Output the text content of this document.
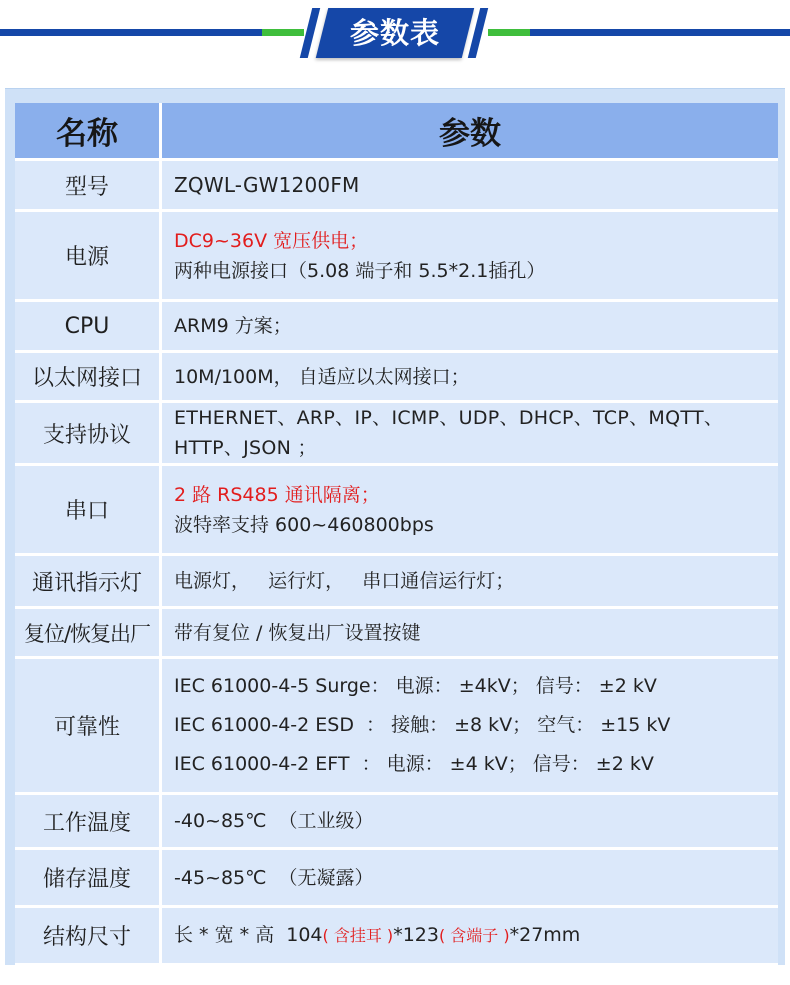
参数表
名称	参数
型号	ZQWL-GW1200FM
电源	DC9~36V 宽压供电；
两种电源接口（5.08 端子和 5.5*2.1插孔）

CPU	ARM9 方案；
以太网接口	10M/100M， 自适应以太网接口；
支持协议	ETHERNET、ARP、IP、ICMP、UDP、DHCP、TCP、MQTT、HTTP、JSON ；
串口	2 路 RS485 通讯隔离；
波特率支持 600~460800bps

通讯指示灯	电源灯，   运行灯，   串口通信运行灯；
复位/恢复出厂	带有复位 / 恢复出厂设置按键
可靠性	IEC 61000-4-5 Surge： 电源： ±4kV； 信号： ±2 kV
IEC 61000-4-2 ESD  ： 接触： ±8 kV； 空气： ±15 kV
IEC 61000-4-2 EFT  ： 电源： ±4 kV； 信号： ±2 kV

工作温度	-40~85℃  （工业级）
储存温度	-45~85℃  （无凝露）
结构尺寸	长 * 宽 * 高  104( 含挂耳 )*123( 含端子 )*27mm
